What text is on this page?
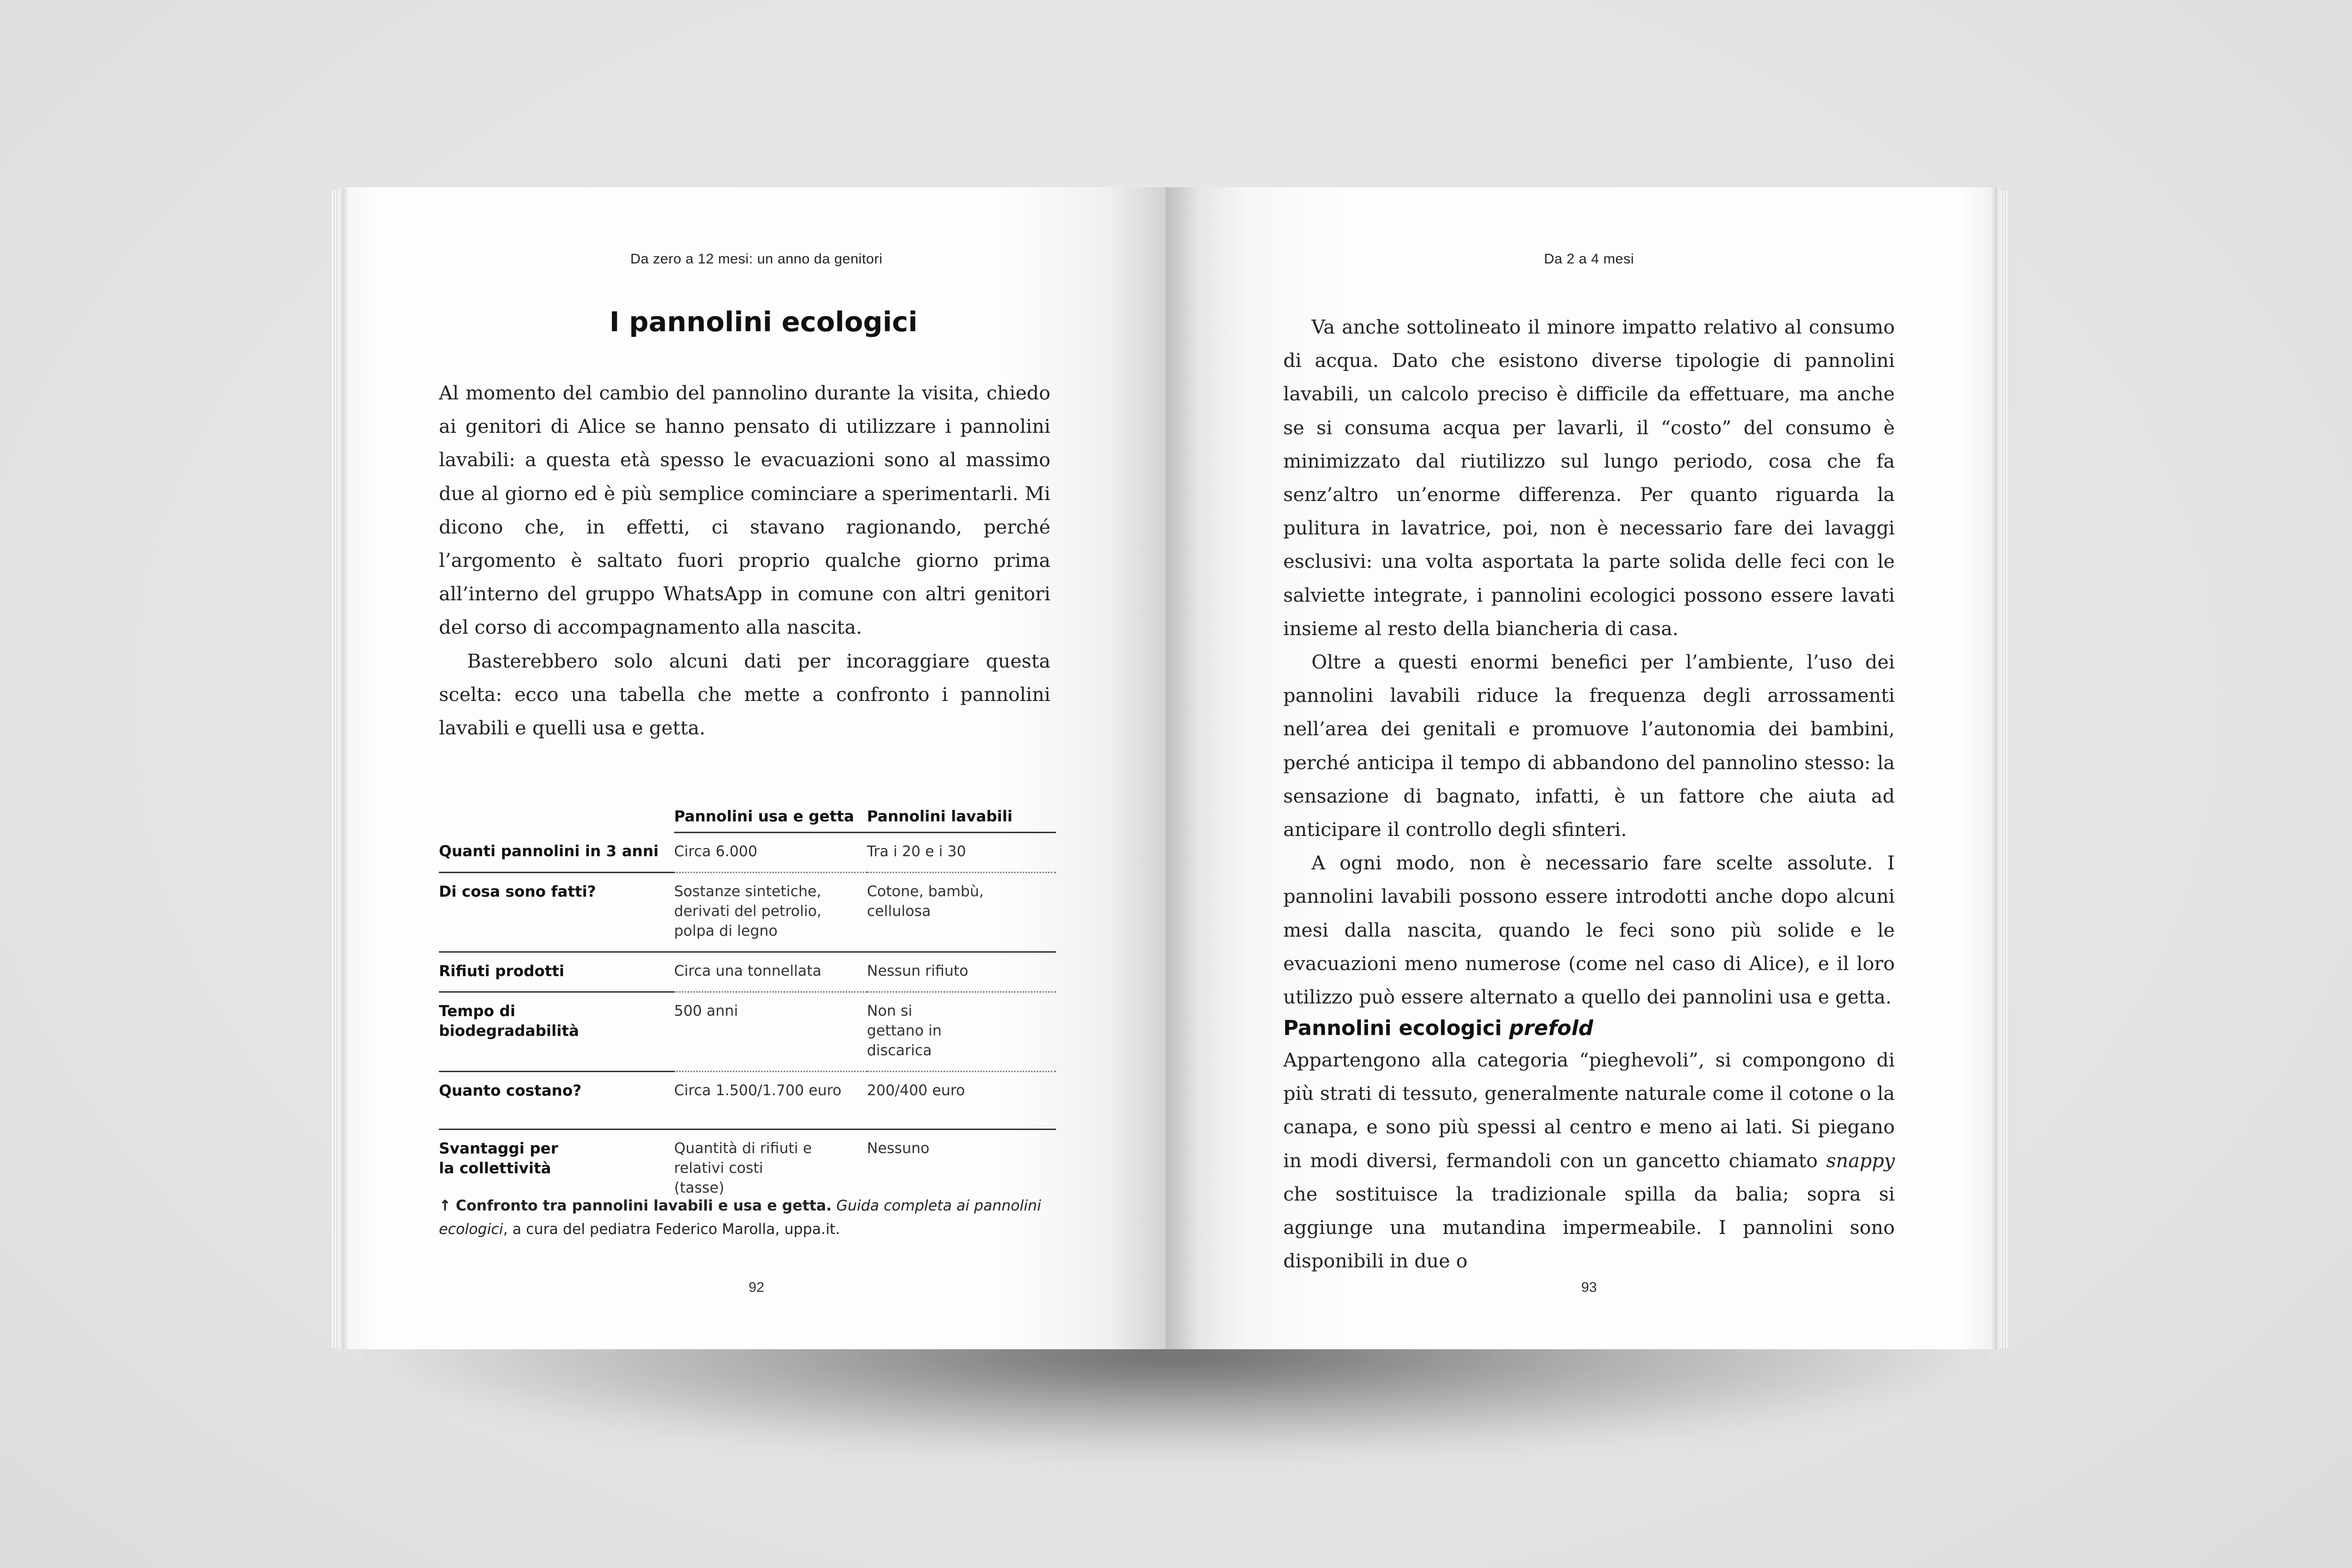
Da zero a 12 mesi: un anno da genitori
I pannolini ecologici

Al momento del cambio del pannolino durante la visita, chiedo ai genitori di Alice se hanno pensato di utilizzare i pannolini lavabili: a questa età spesso le evacuazioni sono al massimo due al giorno ed è più semplice cominciare a sperimentarli. Mi dicono che, in effetti, ci stavano ragionando, perché l’argomento è saltato fuori proprio qualche giorno prima all’interno del gruppo WhatsApp in comune con altri genitori del corso di accompagnamento alla nascita.

Basterebbero solo alcuni dati per incoraggiare questa scelta: ecco una tabella che mette a confronto i pannolini lavabili e quelli usa e getta.

	Pannolini usa e getta	Pannolini lavabili
Quanti pannolini in 3 anni	Circa 6.000	Tra i 20 e i 30
Di cosa sono fatti?	Sostanze sintetiche, derivati del petrolio, polpa di legno	Cotone, bambù, cellulosa
Rifiuti prodotti	Circa una tonnellata	Nessun rifiuto
Tempo di biodegradabilità	500 anni	Non si gettano in discarica
Quanto costano?	Circa 1.500/1.700 euro	200/400 euro
Svantaggi per la collettività	Quantità di rifiuti e relativi costi (tasse)	Nessuno
↑ Confronto tra pannolini lavabili e usa e getta. Guida completa ai pannolini ecologici, a cura del pediatra Federico Marolla, uppa.it.
92
Da 2 a 4 mesi

Va anche sottolineato il minore impatto relativo al consumo di acqua. Dato che esistono diverse tipologie di pannolini lavabili, un calcolo preciso è difficile da effettuare, ma anche se si consuma acqua per lavarli, il “costo” del consumo è minimizzato dal riutilizzo sul lungo periodo, cosa che fa senz’altro un’enorme differenza. Per quanto riguarda la pulitura in lavatrice, poi, non è necessario fare dei lavaggi esclusivi: una volta asportata la parte solida delle feci con le salviette integrate, i pannolini ecologici possono essere lavati insieme al resto della biancheria di casa.

Oltre a questi enormi benefici per l’ambiente, l’uso dei pannolini lavabili riduce la frequenza degli arrossamenti nell’area dei genitali e promuove l’autonomia dei bambini, perché anticipa il tempo di abbandono del pannolino stesso: la sensazione di bagnato, infatti, è un fattore che aiuta ad anticipare il controllo degli sfinteri.

A ogni modo, non è necessario fare scelte assolute. I pannolini lavabili possono essere introdotti anche dopo alcuni mesi dalla nascita, quando le feci sono più solide e le evacuazioni meno numerose (come nel caso di Alice), e il loro utilizzo può essere alternato a quello dei pannolini usa e getta.

Pannolini ecologici prefold

Appartengono alla categoria “pieghevoli”, si compongono di più strati di tessuto, generalmente naturale come il cotone o la canapa, e sono più spessi al centro e meno ai lati. Si piegano in modi diversi, fermandoli con un gancetto chiamato snappy che sostituisce la tradizionale spilla da balia; sopra si aggiunge una mutandina impermeabile. I pannolini sono disponibili in due o

93
